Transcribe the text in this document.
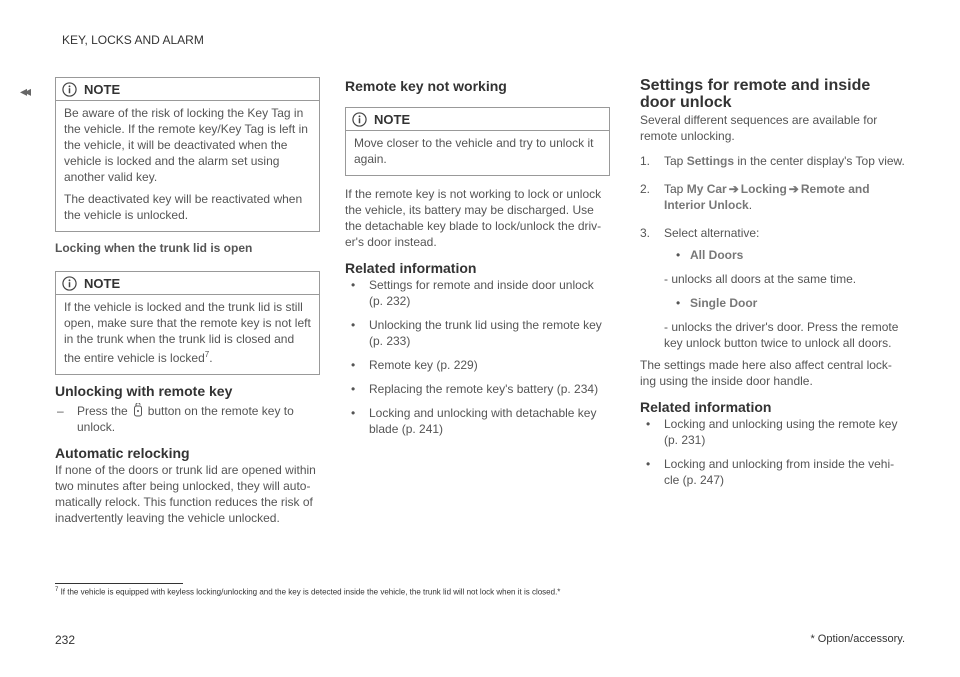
KEY, LOCKS AND ALARM
◂◂	NOTE

Be aware of the risk of locking the Key Tag in the vehicle. If the remote key/Key Tag is left in the vehicle, it will be deactivated when the vehicle is locked and the alarm set using another valid key.

The deactivated key will be reactivated when the vehicle is unlocked.

Locking when the trunk lid is open
NOTE

If the vehicle is locked and the trunk lid is still open, make sure that the remote key is not left in the trunk when the trunk lid is closed and the entire vehicle is locked$^7$.

Unlocking with remote key
– Press the button on the remote key to unlock.
Automatic relocking
If none of the doors or trunk lid are opened within two minutes after being unlocked, they will auto-matically relock. This function reduces the risk of inadvertently leaving the vehicle unlocked.
Remote key not working
NOTE

Move closer to the vehicle and try to unlock it again.

If the remote key is not working to lock or unlock the vehicle, its battery may be discharged. Use the detachable key blade to lock/unlock the driv-er's door instead.
Related information
• Settings for remote and inside door unlock (p. 232)
• Unlocking the trunk lid using the remote key (p. 233)
• Remote key (p. 229)
• Replacing the remote key's battery (p. 234)
• Locking and unlocking with detachable key blade (p. 241)
Settings for remote and inside door unlock
Several different sequences are available for remote unlocking.
1. Tap Settings in the center display's Top view.
2. Tap My Car ➔ Locking ➔ Remote and Interior Unlock.
3. Select alternative:
• All Doors
- unlocks all doors at the same time.
• Single Door
- unlocks the driver's door. Press the remote key unlock button twice to unlock all doors.
The settings made here also affect central lock-ing using the inside door handle.
Related information
• Locking and unlocking using the remote key (p. 231)
• Locking and unlocking from inside the vehi-cle (p. 247)
$^7$ If the vehicle is equipped with keyless locking/unlocking and the key is detected inside the vehicle, the trunk lid will not lock when it is closed.*
232	* Option/accessory.
